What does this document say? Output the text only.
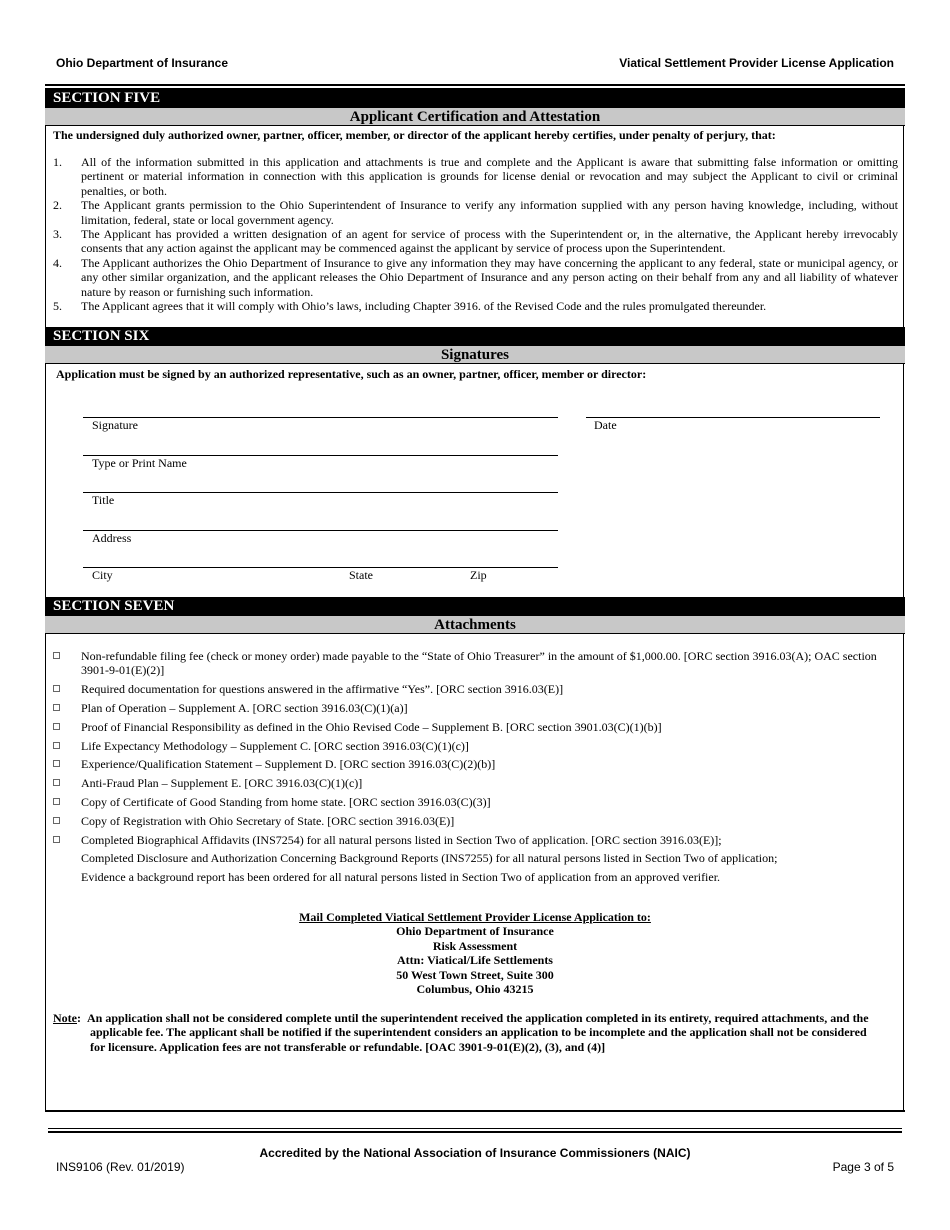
Ohio Department of Insurance	Viatical Settlement Provider License Application
SECTION FIVE
Applicant Certification and Attestation
The undersigned duly authorized owner, partner, officer, member, or director of the applicant hereby certifies, under penalty of perjury, that:
1. All of the information submitted in this application and attachments is true and complete and the Applicant is aware that submitting false information or omitting pertinent or material information in connection with this application is grounds for license denial or revocation and may subject the Applicant to civil or criminal penalties, or both.
2. The Applicant grants permission to the Ohio Superintendent of Insurance to verify any information supplied with any person having knowledge, including, without limitation, federal, state or local government agency.
3. The Applicant has provided a written designation of an agent for service of process with the Superintendent or, in the alternative, the Applicant hereby irrevocably consents that any action against the applicant may be commenced against the applicant by service of process upon the Superintendent.
4. The Applicant authorizes the Ohio Department of Insurance to give any information they may have concerning the applicant to any federal, state or municipal agency, or any other similar organization, and the applicant releases the Ohio Department of Insurance and any person acting on their behalf from any and all liability of whatever nature by reason or furnishing such information.
5. The Applicant agrees that it will comply with Ohio’s laws, including Chapter 3916. of the Revised Code and the rules promulgated thereunder.
SECTION SIX
Signatures
Application must be signed by an authorized representative, such as an owner, partner, officer, member or director:
Signature	Date
Type or Print Name
Title
Address
City	State	Zip
SECTION SEVEN
Attachments
Non-refundable filing fee (check or money order) made payable to the “State of Ohio Treasurer” in the amount of $1,000.00. [ORC section 3916.03(A); OAC section 3901-9-01(E)(2)]
Required documentation for questions answered in the affirmative “Yes”. [ORC section 3916.03(E)]
Plan of Operation – Supplement A. [ORC section 3916.03(C)(1)(a)]
Proof of Financial Responsibility as defined in the Ohio Revised Code – Supplement B. [ORC section 3901.03(C)(1)(b)]
Life Expectancy Methodology – Supplement C. [ORC section 3916.03(C)(1)(c)]
Experience/Qualification Statement – Supplement D. [ORC section 3916.03(C)(2)(b)]
Anti-Fraud Plan – Supplement E. [ORC 3916.03(C)(1)(c)]
Copy of Certificate of Good Standing from home state. [ORC section 3916.03(C)(3)]
Copy of Registration with Ohio Secretary of State. [ORC section 3916.03(E)]
Completed Biographical Affidavits (INS7254) for all natural persons listed in Section Two of application. [ORC section 3916.03(E)];
Completed Disclosure and Authorization Concerning Background Reports (INS7255) for all natural persons listed in Section Two of application;
Evidence a background report has been ordered for all natural persons listed in Section Two of application from an approved verifier.
Mail Completed Viatical Settlement Provider License Application to:
Ohio Department of Insurance
Risk Assessment
Attn: Viatical/Life Settlements
50 West Town Street, Suite 300
Columbus, Ohio 43215
Note:  An application shall not be considered complete until the superintendent received the application completed in its entirety, required attachments, and the applicable fee. The applicant shall be notified if the superintendent considers an application to be incomplete and the application shall not be considered for licensure. Application fees are not transferable or refundable. [OAC 3901-9-01(E)(2), (3), and (4)]
Accredited by the National Association of Insurance Commissioners (NAIC)
INS9106 (Rev. 01/2019)	Page 3 of 5
